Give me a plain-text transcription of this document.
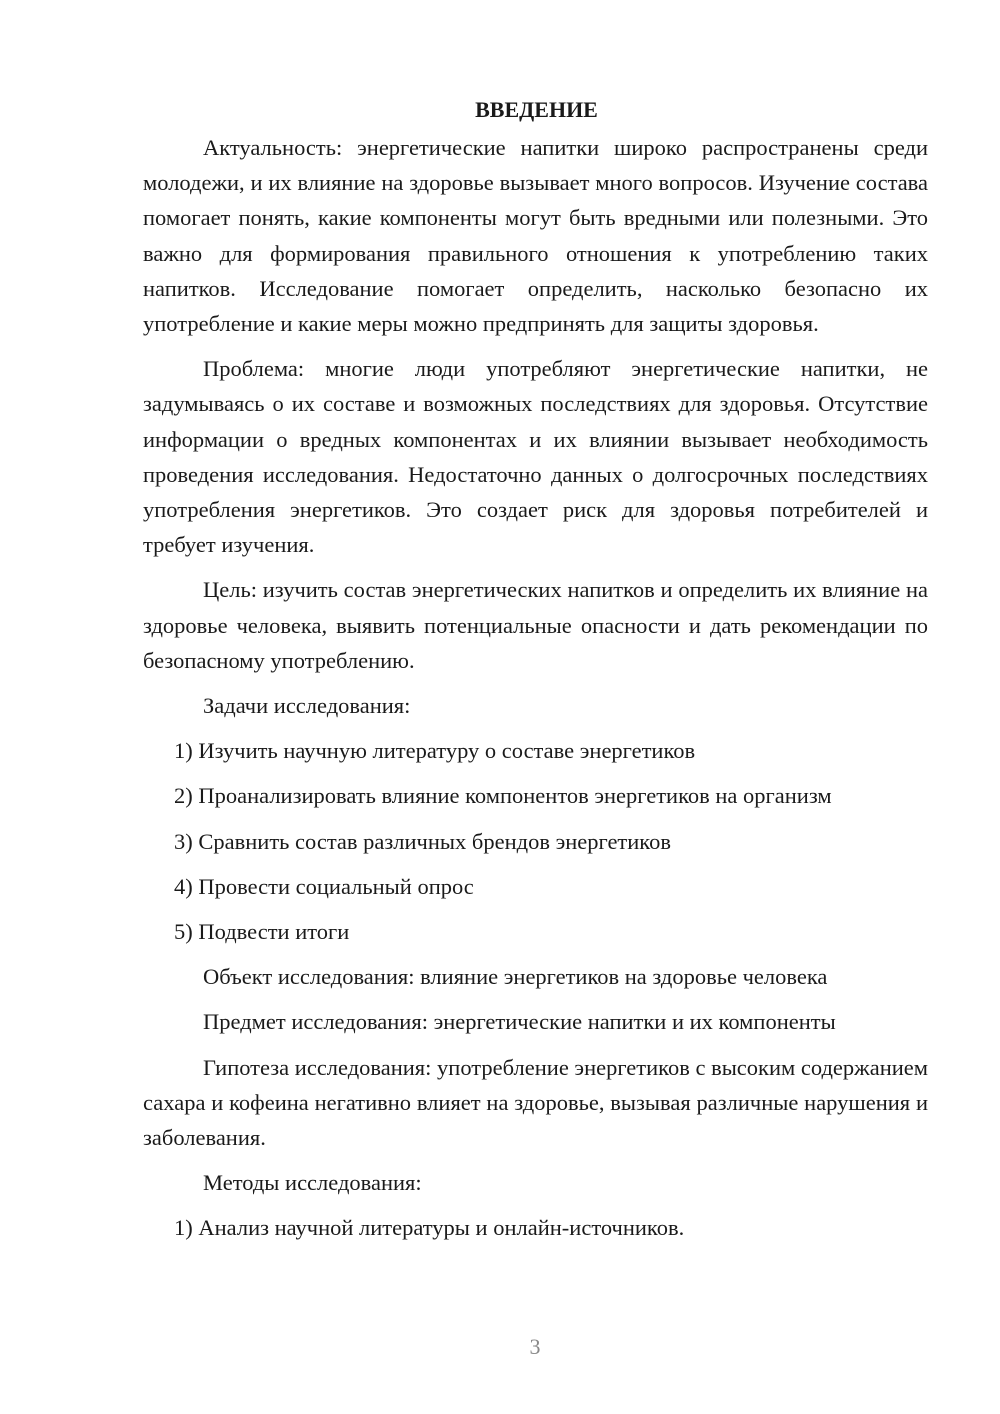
ВВЕДЕНИЕ
Актуальность: энергетические напитки широко распространены среди молодежи, и их влияние на здоровье вызывает много вопросов. Изучение состава помогает понять, какие компоненты могут быть вредными или полезными. Это важно для формирования правильного отношения к употреблению таких напитков. Исследование помогает определить, насколько безопасно их употребление и какие меры можно предпринять для защиты здоровья.
Проблема: многие люди употребляют энергетические напитки, не задумываясь о их составе и возможных последствиях для здоровья. Отсутствие информации о вредных компонентах и их влиянии вызывает необходимость проведения исследования. Недостаточно данных о долгосрочных последствиях употребления энергетиков. Это создает риск для здоровья потребителей и требует изучения.
Цель: изучить состав энергетических напитков и определить их влияние на здоровье человека, выявить потенциальные опасности и дать рекомендации по безопасному употреблению.
Задачи исследования:
1) Изучить научную литературу о составе энергетиков
2) Проанализировать влияние компонентов энергетиков на организм
3) Сравнить состав различных брендов энергетиков
4) Провести социальный опрос
5) Подвести итоги
Объект исследования: влияние энергетиков на здоровье человека
Предмет исследования: энергетические напитки и их компоненты
Гипотеза исследования: употребление энергетиков с высоким содержанием сахара и кофеина негативно влияет на здоровье, вызывая различные нарушения и заболевания.
Методы исследования:
1) Анализ научной литературы и онлайн-источников.
3
